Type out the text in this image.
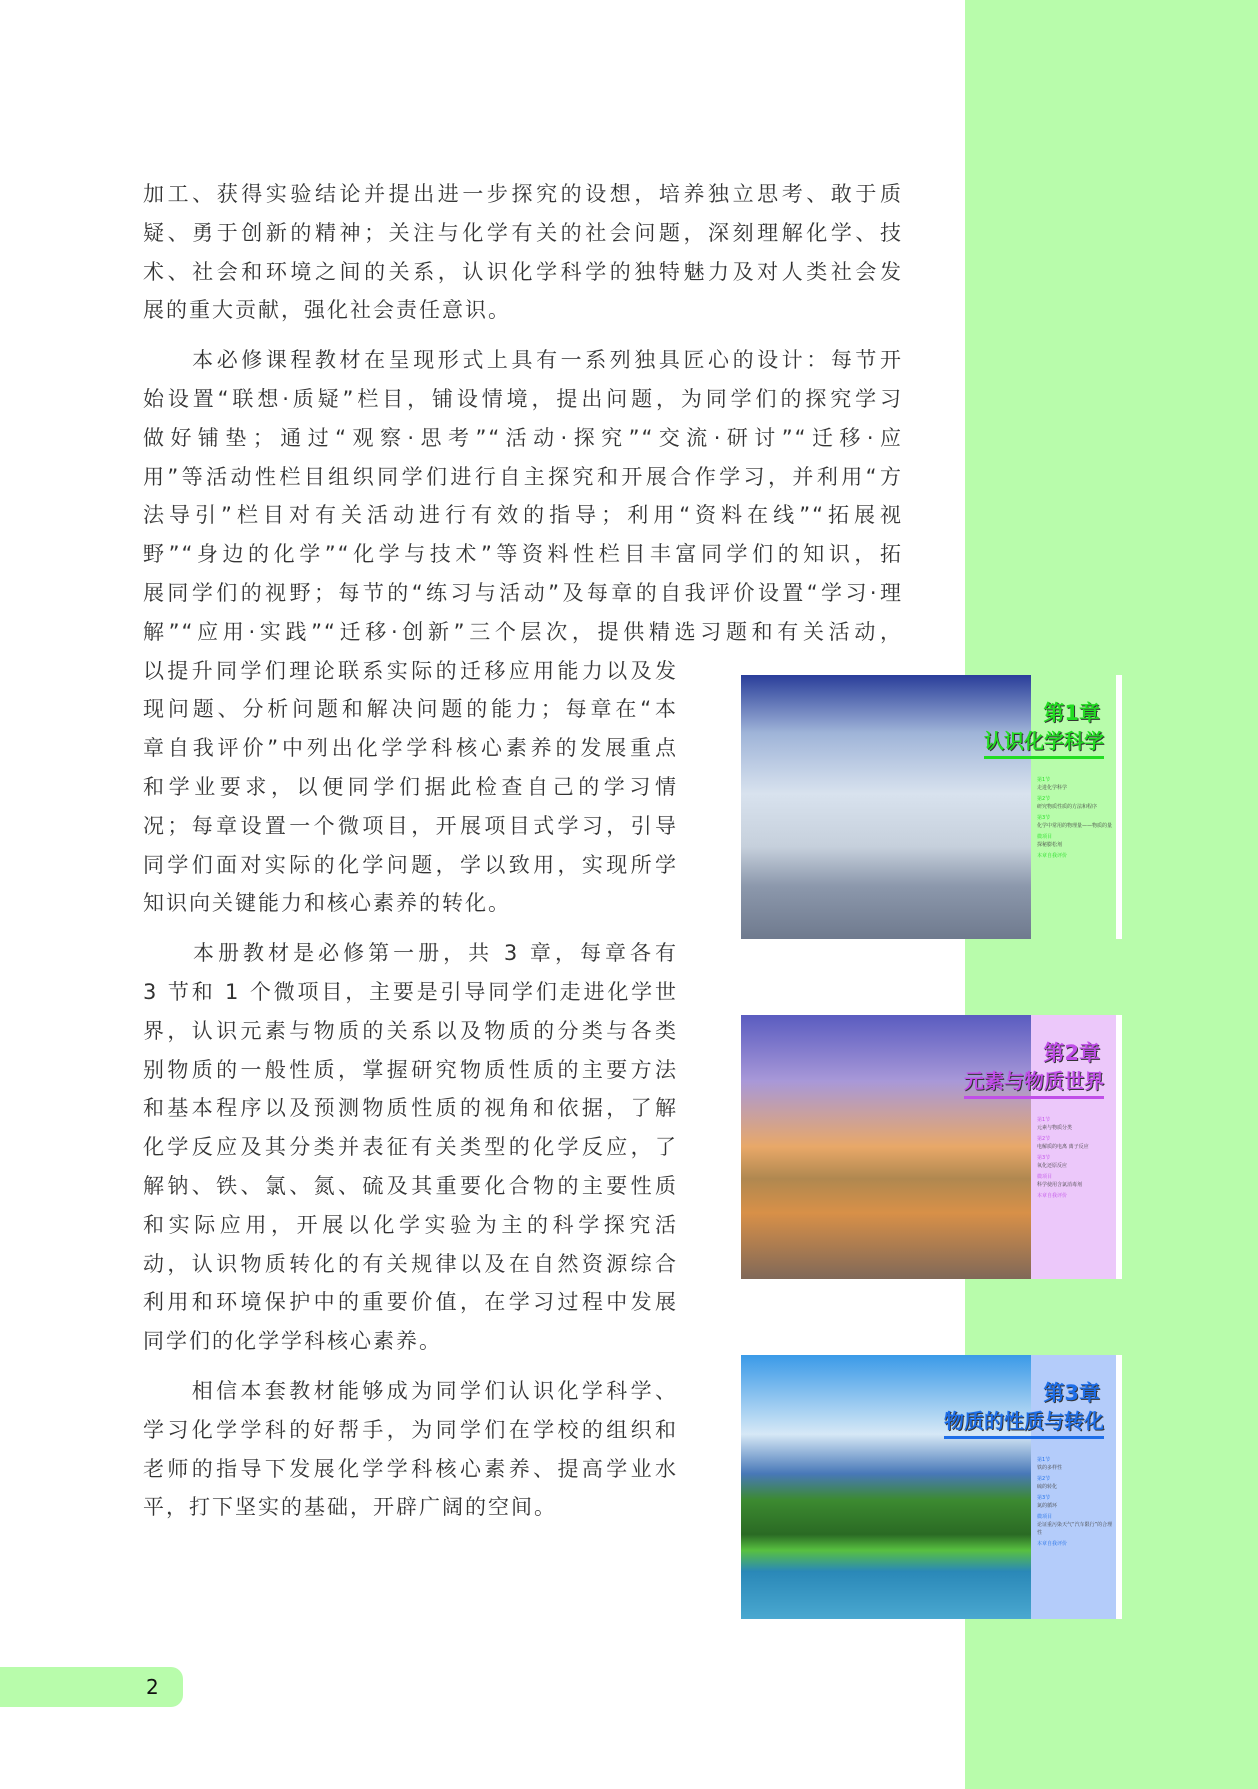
加工、获得实验结论并提出进一步探究的设想，培养独立思考、敢于质
疑、勇于创新的精神；关注与化学有关的社会问题，深刻理解化学、技
术、社会和环境之间的关系，认识化学科学的独特魅力及对人类社会发
展的重大贡献，强化社会责任意识。
　　本必修课程教材在呈现形式上具有一系列独具匠心的设计：每节开
始设置“联想·质疑”栏目，铺设情境，提出问题，为同学们的探究学习
做好铺垫；通过“观察·思考”“活动·探究”“交流·研讨”“迁移·应
用”等活动性栏目组织同学们进行自主探究和开展合作学习，并利用“方
法导引”栏目对有关活动进行有效的指导；利用“资料在线”“拓展视
野”“身边的化学”“化学与技术”等资料性栏目丰富同学们的知识，拓
展同学们的视野；每节的“练习与活动”及每章的自我评价设置“学习·理
解”“应用·实践”“迁移·创新”三个层次，提供精选习题和有关活动，
以提升同学们理论联系实际的迁移应用能力以及发
现问题、分析问题和解决问题的能力；每章在“本
章自我评价”中列出化学学科核心素养的发展重点
和学业要求，以便同学们据此检查自己的学习情
况；每章设置一个微项目，开展项目式学习，引导
同学们面对实际的化学问题，学以致用，实现所学
知识向关键能力和核心素养的转化。
　　本册教材是必修第一册，共 3 章，每章各有
3 节和 1 个微项目，主要是引导同学们走进化学世
界，认识元素与物质的关系以及物质的分类与各类
别物质的一般性质，掌握研究物质性质的主要方法
和基本程序以及预测物质性质的视角和依据，了解
化学反应及其分类并表征有关类型的化学反应，了
解钠、铁、氯、氮、硫及其重要化合物的主要性质
和实际应用，开展以化学实验为主的科学探究活
动，认识物质转化的有关规律以及在自然资源综合
利用和环境保护中的重要价值，在学习过程中发展
同学们的化学学科核心素养。
　　相信本套教材能够成为同学们认识化学科学、
学习化学学科的好帮手，为同学们在学校的组织和
老师的指导下发展化学学科核心素养、提高学业水
平，打下坚实的基础，开辟广阔的空间。
第1章
认识化学科学
第1节
走进化学科学
第2节
研究物质性质的方法和程序
第3节
化学中常用的物理量——物质的量
微项目
探秘膨松剂
本章自我评价
第2章
元素与物质世界
第1节
元素与物质分类
第2节
电解质的电离 离子反应
第3节
氧化还原反应
微项目
科学使用含氯消毒剂
本章自我评价
第3章
物质的性质与转化
第1节
铁的多样性
第2节
硫的转化
第3节
氮的循环
微项目
论证重污染天气“汽车限行”的合理性
本章自我评价
2
